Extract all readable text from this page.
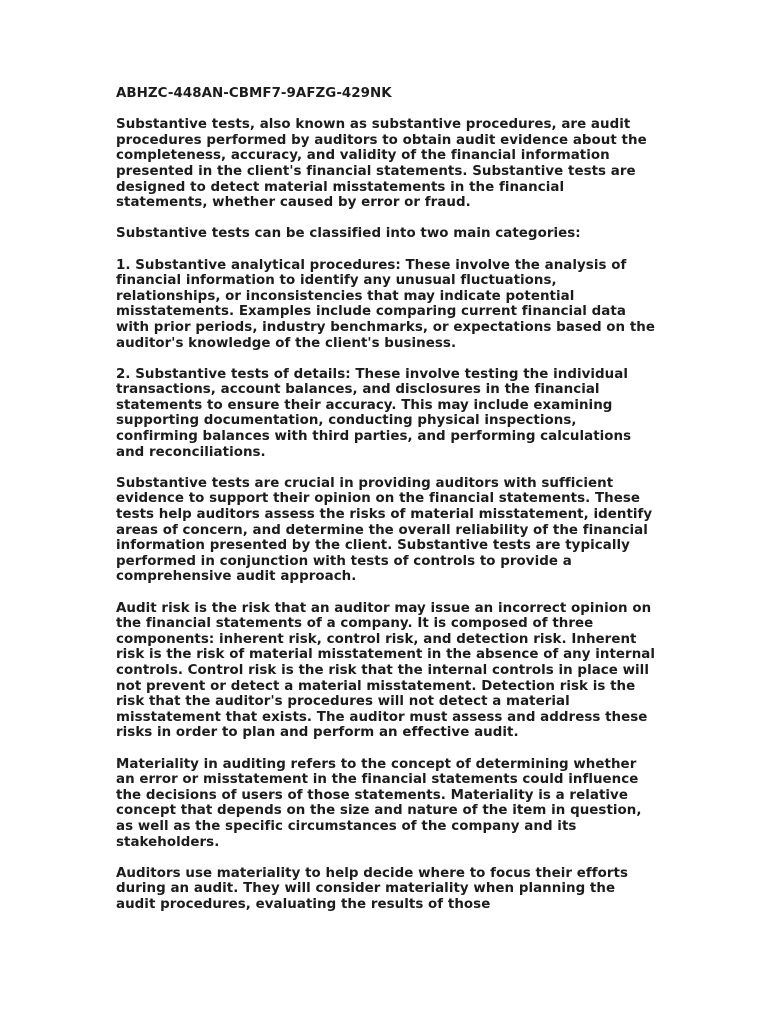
ABHZC-448AN-CBMF7-9AFZG-429NK
Substantive tests, also known as substantive procedures, are audit procedures performed by auditors to obtain audit evidence about the completeness, accuracy, and validity of the financial information presented in the client's financial statements. Substantive tests are designed to detect material misstatements in the financial statements, whether caused by error or fraud.
Substantive tests can be classified into two main categories:
1. Substantive analytical procedures: These involve the analysis of financial information to identify any unusual fluctuations, relationships, or inconsistencies that may indicate potential misstatements. Examples include comparing current financial data with prior periods, industry benchmarks, or expectations based on the auditor's knowledge of the client's business.
2. Substantive tests of details: These involve testing the individual transactions, account balances, and disclosures in the financial statements to ensure their accuracy. This may include examining supporting documentation, conducting physical inspections, confirming balances with third parties, and performing calculations and reconciliations.
Substantive tests are crucial in providing auditors with sufficient evidence to support their opinion on the financial statements. These tests help auditors assess the risks of material misstatement, identify areas of concern, and determine the overall reliability of the financial information presented by the client. Substantive tests are typically performed in conjunction with tests of controls to provide a comprehensive audit approach.
Audit risk is the risk that an auditor may issue an incorrect opinion on the financial statements of a company. It is composed of three components: inherent risk, control risk, and detection risk. Inherent risk is the risk of material misstatement in the absence of any internal controls. Control risk is the risk that the internal controls in place will not prevent or detect a material misstatement. Detection risk is the risk that the auditor's procedures will not detect a material misstatement that exists. The auditor must assess and address these risks in order to plan and perform an effective audit.
Materiality in auditing refers to the concept of determining whether an error or misstatement in the financial statements could influence the decisions of users of those statements. Materiality is a relative concept that depends on the size and nature of the item in question, as well as the specific circumstances of the company and its stakeholders.
Auditors use materiality to help decide where to focus their efforts during an audit. They will consider materiality when planning the audit procedures, evaluating the results of those
